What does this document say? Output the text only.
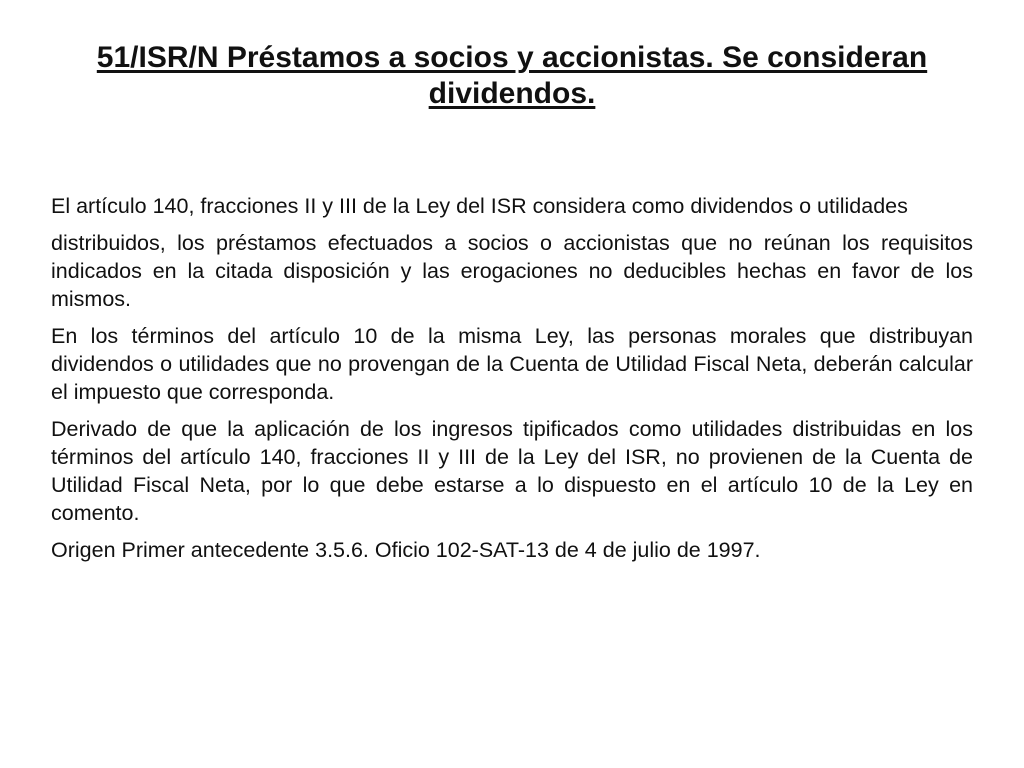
51/ISR/N Préstamos a socios y accionistas. Se consideran dividendos.

El artículo 140, fracciones II y III de la Ley del ISR considera como dividendos o utilidades

distribuidos, los préstamos efectuados a socios o accionistas que no reúnan los requisitos indicados en la citada disposición y las erogaciones no deducibles hechas en favor de los mismos.

En los términos del artículo 10 de la misma Ley, las personas morales que distribuyan dividendos o utilidades que no provengan de la Cuenta de Utilidad Fiscal Neta, deberán calcular el impuesto que corresponda.

Derivado de que la aplicación de los ingresos tipificados como utilidades distribuidas en los términos del artículo 140, fracciones II y III de la Ley del ISR, no provienen de la Cuenta de Utilidad Fiscal Neta, por lo que debe estarse a lo dispuesto en el artículo 10 de la Ley en comento.

Origen Primer antecedente 3.5.6. Oficio 102-SAT-13 de 4 de julio de 1997.
